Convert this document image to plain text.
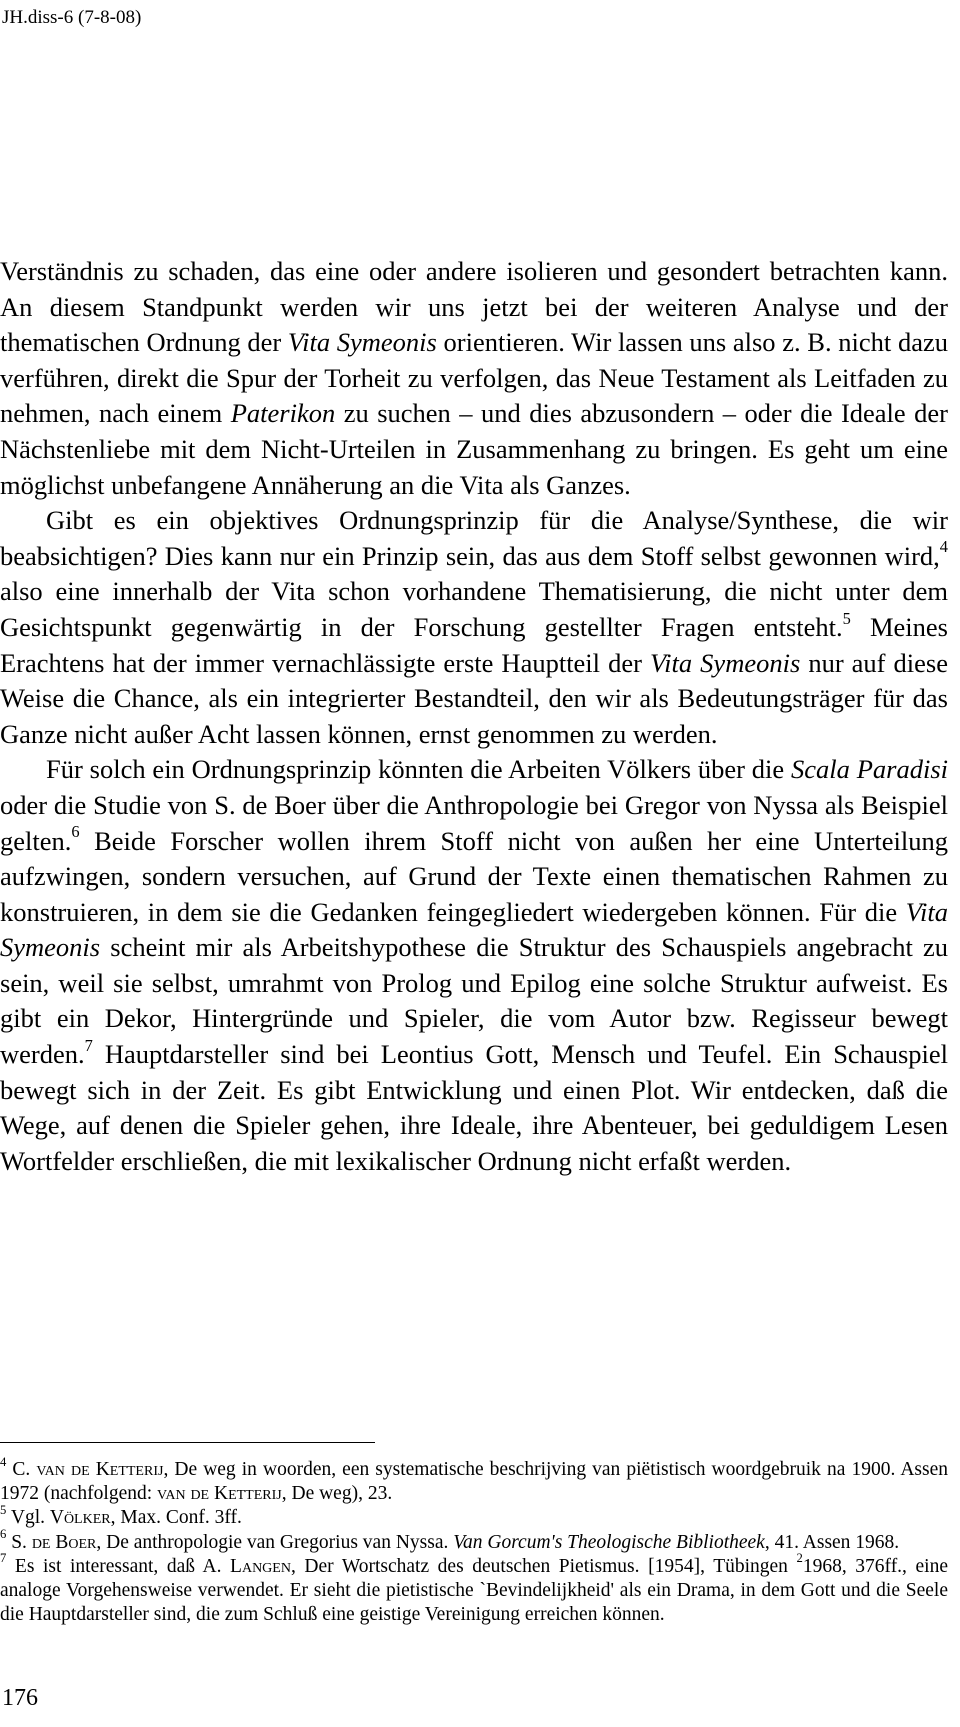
JH.diss-6 (7-8-08)

Verständnis zu schaden, das eine oder andere isolieren und gesondert betrachten kann. An diesem Standpunkt werden wir uns jetzt bei der weiteren Analyse und der thematischen Ordnung der Vita Symeonis orientieren. Wir lassen uns also z. B. nicht dazu verführen, direkt die Spur der Torheit zu verfolgen, das Neue Testament als Leitfaden zu nehmen, nach einem Paterikon zu suchen – und dies abzusondern – oder die Ideale der Nächstenliebe mit dem Nicht-Urteilen in Zusammenhang zu bringen. Es geht um eine möglichst unbefangene Annäherung an die Vita als Ganzes.

Gibt es ein objektives Ordnungsprinzip für die Analyse/Synthese, die wir beabsichtigen? Dies kann nur ein Prinzip sein, das aus dem Stoff selbst gewonnen wird,$^4$ also eine innerhalb der Vita schon vorhandene Thematisierung, die nicht unter dem Gesichtspunkt gegenwärtig in der Forschung gestellter Fragen entsteht.$^5$ Meines Erachtens hat der immer vernachlässigte erste Hauptteil der Vita Symeonis nur auf diese Weise die Chance, als ein integrierter Bestandteil, den wir als Bedeutungsträger für das Ganze nicht außer Acht lassen können, ernst genommen zu werden.

Für solch ein Ordnungsprinzip könnten die Arbeiten Völkers über die Scala Paradisi oder die Studie von S. de Boer über die Anthropologie bei Gregor von Nyssa als Beispiel gelten.$^6$ Beide Forscher wollen ihrem Stoff nicht von außen her eine Unterteilung aufzwingen, sondern versuchen, auf Grund der Texte einen thematischen Rahmen zu konstruieren, in dem sie die Gedanken feingegliedert wiedergeben können. Für die Vita Symeonis scheint mir als Arbeitshypothese die Struktur des Schauspiels angebracht zu sein, weil sie selbst, umrahmt von Prolog und Epilog eine solche Struktur aufweist. Es gibt ein Dekor, Hintergründe und Spieler, die vom Autor bzw. Regisseur bewegt werden.$^7$ Hauptdarsteller sind bei Leontius Gott, Mensch und Teufel. Ein Schauspiel bewegt sich in der Zeit. Es gibt Entwicklung und einen Plot. Wir entdecken, daß die Wege, auf denen die Spieler gehen, ihre Ideale, ihre Abenteuer, bei geduldigem Lesen Wortfelder erschließen, die mit lexikalischer Ordnung nicht erfaßt werden.

$^4$ C. van de Ketterij, De weg in woorden, een systematische beschrijving van piëtistisch woordgebruik na 1900. Assen 1972 (nachfolgend: van de Ketterij, De weg), 23.

$^5$ Vgl. Völker, Max. Conf. 3ff.

$^6$ S. de Boer, De anthropologie van Gregorius van Nyssa. Van Gorcum's Theologische Bibliotheek, 41. Assen 1968.

$^7$ Es ist interessant, daß A. Langen, Der Wortschatz des deutschen Pietismus. [1954], Tübingen $^2$1968, 376ff., eine analoge Vorgehensweise verwendet. Er sieht die pietistische `Bevindelijkheid' als ein Drama, in dem Gott und die Seele die Hauptdarsteller sind, die zum Schluß eine geistige Vereinigung erreichen können.

176
